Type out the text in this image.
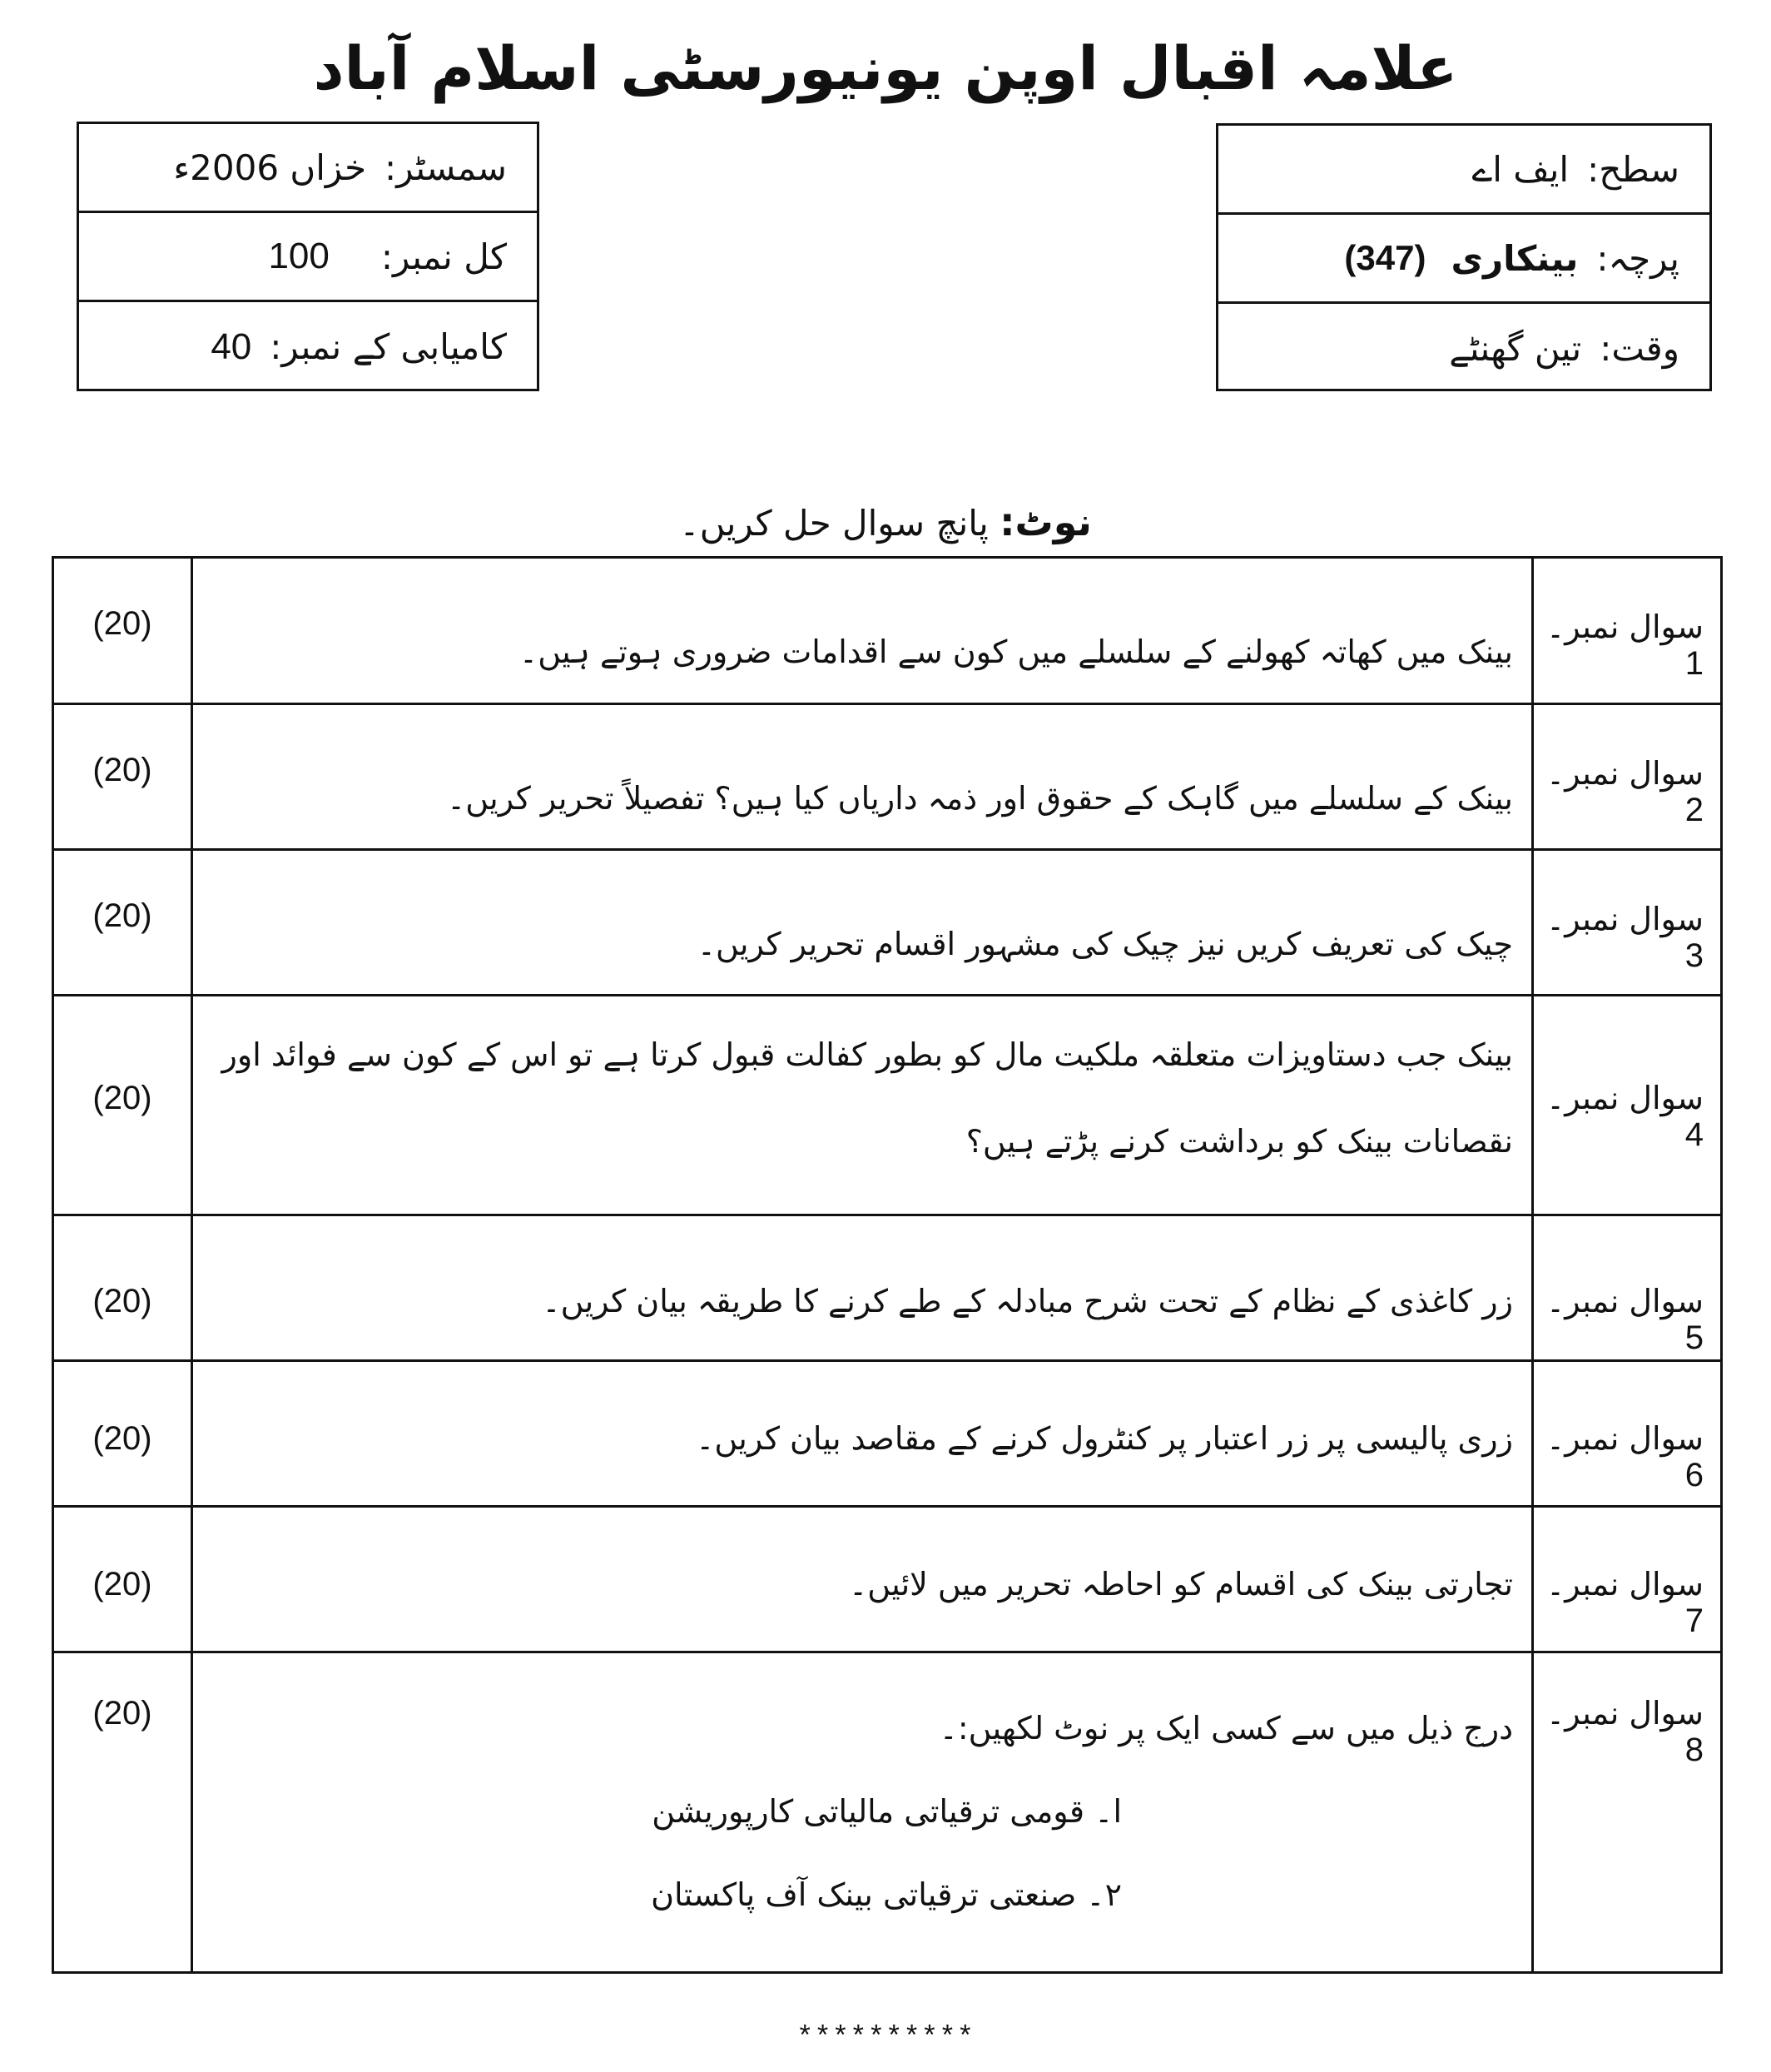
علامہ اقبال اوپن یونیورسٹی اسلام آباد
سمسٹر:
خزاں 2006ء
کل نمبر:
100
کامیابی کے نمبر:
40
سطح:
ایف اے
پرچہ:
بینکاری
(347)
وقت:
تین گھنٹے
نوٹ: پانچ سوال حل کریں۔
(20)	بینک میں کھاتہ کھولنے کے سلسلے میں کون سے اقدامات ضروری ہوتے ہیں۔	سوال نمبر۔1
(20)	بینک کے سلسلے میں گاہک کے حقوق اور ذمہ داریاں کیا ہیں؟ تفصیلاً تحریر کریں۔	سوال نمبر۔2
(20)	چیک کی تعریف کریں نیز چیک کی مشہور اقسام تحریر کریں۔	سوال نمبر۔3
(20)	بینک جب دستاویزات متعلقہ ملکیت مال کو بطور کفالت قبول کرتا ہے تو اس کے کون سے فوائد اور نقصانات بینک کو برداشت کرنے پڑتے ہیں؟	سوال نمبر۔4
(20)	زر کاغذی کے نظام کے تحت شرح مبادلہ کے طے کرنے کا طریقہ بیان کریں۔	سوال نمبر۔5
(20)	زری پالیسی پر زر اعتبار پر کنٹرول کرنے کے مقاصد بیان کریں۔	سوال نمبر۔6
(20)	تجارتی بینک کی اقسام کو احاطہ تحریر میں لائیں۔	سوال نمبر۔7
(20)	درج ذیل میں سے کسی ایک پر نوٹ لکھیں:۔
ا۔ قومی ترقیاتی مالیاتی کارپوریشن
۲۔ صنعتی ترقیاتی بینک آف پاکستان	سوال نمبر۔8
**********
